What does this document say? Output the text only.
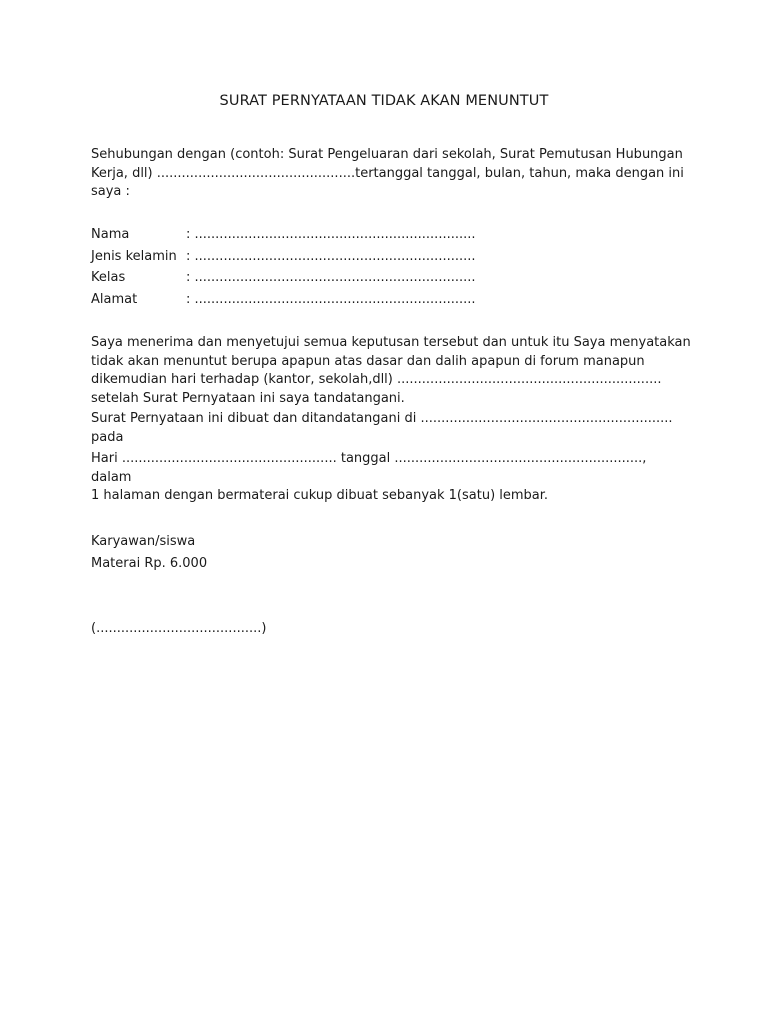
SURAT PERNYATAAN TIDAK AKAN MENUNTUT
Sehubungan dengan (contoh: Surat Pengeluaran dari sekolah, Surat Pemutusan Hubungan
Kerja, dll) ................................................tertanggal tanggal, bulan, tahun, maka dengan ini
saya :
Nama	: ....................................................................
Jenis kelamin : ....................................................................
Kelas	: ....................................................................
Alamat	: ....................................................................
Saya menerima dan menyetujui semua keputusan tersebut dan untuk itu Saya menyatakan
tidak akan menuntut berupa apapun atas dasar dan dalih apapun di forum manapun
dikemudian hari terhadap (kantor, sekolah,dll) ................................................................
setelah Surat Pernyataan ini saya tandatangani.
Surat Pernyataan ini dibuat dan ditandatangani di .............................................................
pada
Hari .................................................... tanggal ............................................................, dalam
1 halaman dengan bermaterai cukup dibuat sebanyak 1(satu) lembar.
Karyawan/siswa
Materai Rp. 6.000
(........................................)
